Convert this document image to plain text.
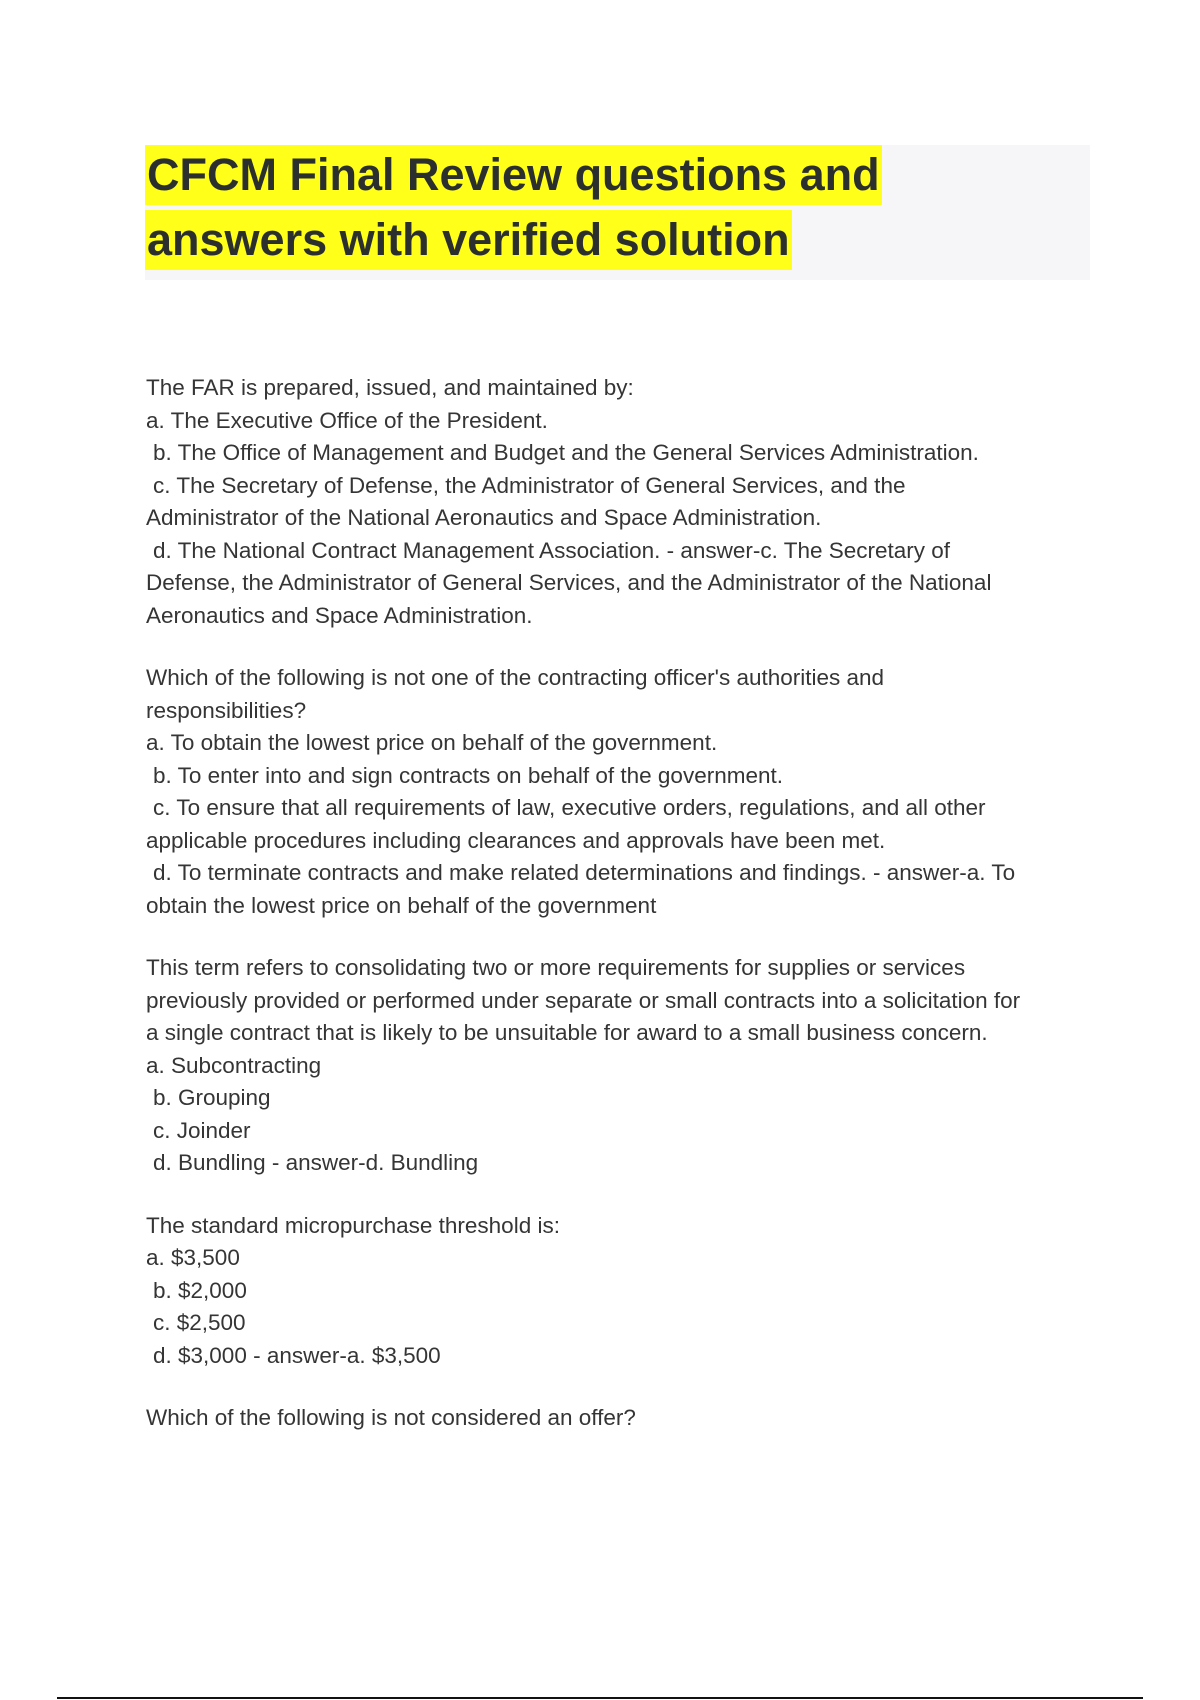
CFCM Final Review questions and
answers with verified solution
The FAR is prepared, issued, and maintained by:
a. The Executive Office of the President.
b. The Office of Management and Budget and the General Services Administration.
c. The Secretary of Defense, the Administrator of General Services, and the
Administrator of the National Aeronautics and Space Administration.
d. The National Contract Management Association. - answer-c. The Secretary of
Defense, the Administrator of General Services, and the Administrator of the National
Aeronautics and Space Administration.
Which of the following is not one of the contracting officer's authorities and
responsibilities?
a. To obtain the lowest price on behalf of the government.
b. To enter into and sign contracts on behalf of the government.
c. To ensure that all requirements of law, executive orders, regulations, and all other
applicable procedures including clearances and approvals have been met.
d. To terminate contracts and make related determinations and findings. - answer-a. To
obtain the lowest price on behalf of the government
This term refers to consolidating two or more requirements for supplies or services
previously provided or performed under separate or small contracts into a solicitation for
a single contract that is likely to be unsuitable for award to a small business concern.
a. Subcontracting
b. Grouping
c. Joinder
d. Bundling - answer-d. Bundling
The standard micropurchase threshold is:
a. $3,500
b. $2,000
c. $2,500
d. $3,000 - answer-a. $3,500
Which of the following is not considered an offer?
